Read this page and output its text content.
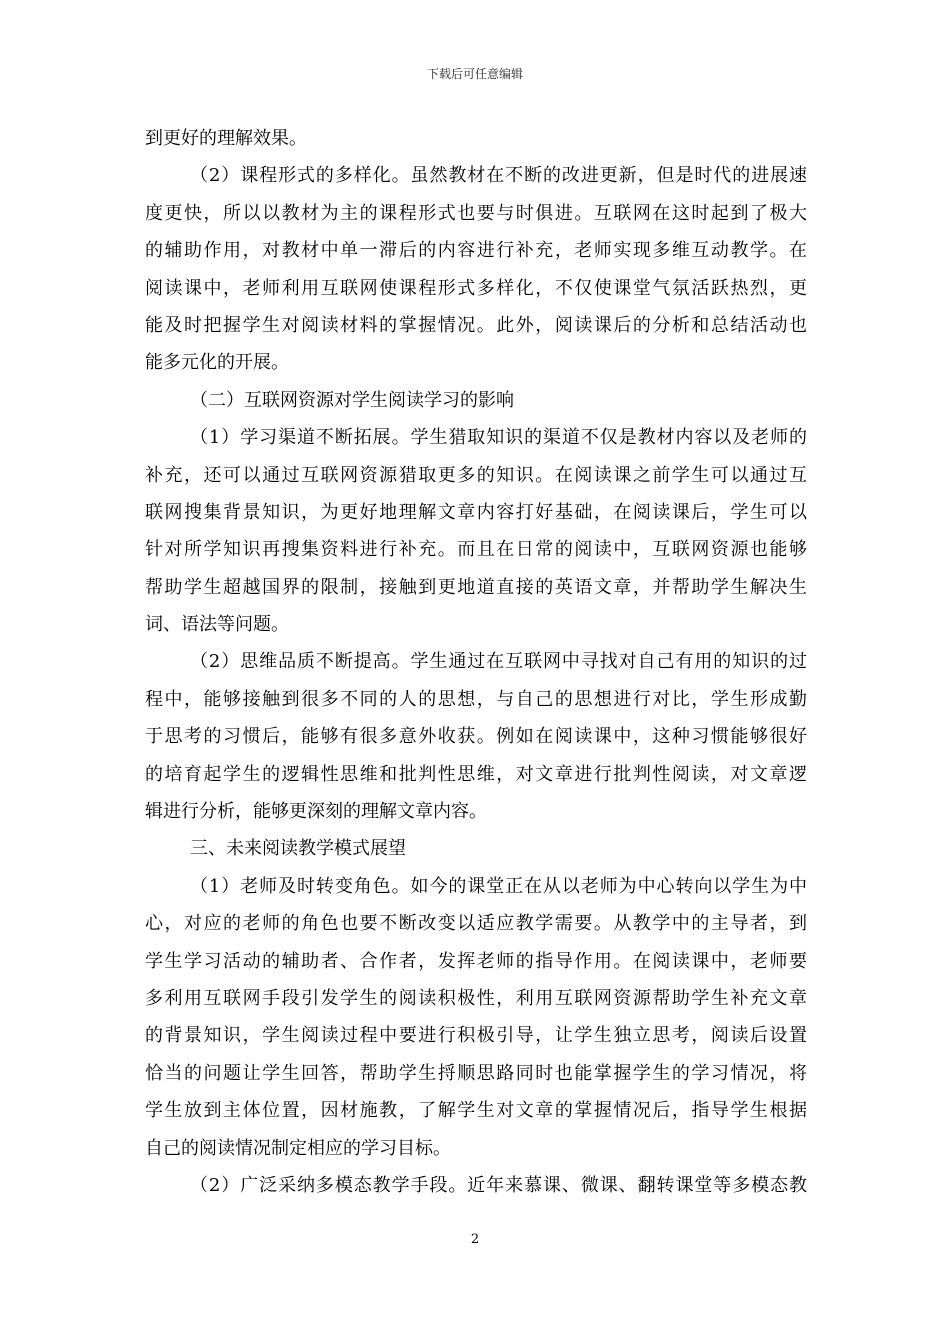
下载后可任意编辑
到更好的理解效果。
（2）课程形式的多样化。虽然教材在不断的改进更新，但是时代的进展速
度更快，所以以教材为主的课程形式也要与时俱进。互联网在这时起到了极大
的辅助作用，对教材中单一滞后的内容进行补充，老师实现多维互动教学。在
阅读课中，老师利用互联网使课程形式多样化，不仅使课堂气氛活跃热烈，更
能及时把握学生对阅读材料的掌握情况。此外，阅读课后的分析和总结活动也
能多元化的开展。
（二）互联网资源对学生阅读学习的影响
（1）学习渠道不断拓展。学生猎取知识的渠道不仅是教材内容以及老师的
补充，还可以通过互联网资源猎取更多的知识。在阅读课之前学生可以通过互
联网搜集背景知识，为更好地理解文章内容打好基础，在阅读课后，学生可以
针对所学知识再搜集资料进行补充。而且在日常的阅读中，互联网资源也能够
帮助学生超越国界的限制，接触到更地道直接的英语文章，并帮助学生解决生
词、语法等问题。
（2）思维品质不断提高。学生通过在互联网中寻找对自己有用的知识的过
程中，能够接触到很多不同的人的思想，与自己的思想进行对比，学生形成勤
于思考的习惯后，能够有很多意外收获。例如在阅读课中，这种习惯能够很好
的培育起学生的逻辑性思维和批判性思维，对文章进行批判性阅读，对文章逻
辑进行分析，能够更深刻的理解文章内容。
三、未来阅读教学模式展望
（1）老师及时转变角色。如今的课堂正在从以老师为中心转向以学生为中
心，对应的老师的角色也要不断改变以适应教学需要。从教学中的主导者，到
学生学习活动的辅助者、合作者，发挥老师的指导作用。在阅读课中，老师要
多利用互联网手段引发学生的阅读积极性，利用互联网资源帮助学生补充文章
的背景知识，学生阅读过程中要进行积极引导，让学生独立思考，阅读后设置
恰当的问题让学生回答，帮助学生捋顺思路同时也能掌握学生的学习情况，将
学生放到主体位置，因材施教，了解学生对文章的掌握情况后，指导学生根据
自己的阅读情况制定相应的学习目标。
（2）广泛采纳多模态教学手段。近年来慕课、微课、翻转课堂等多模态教
2
